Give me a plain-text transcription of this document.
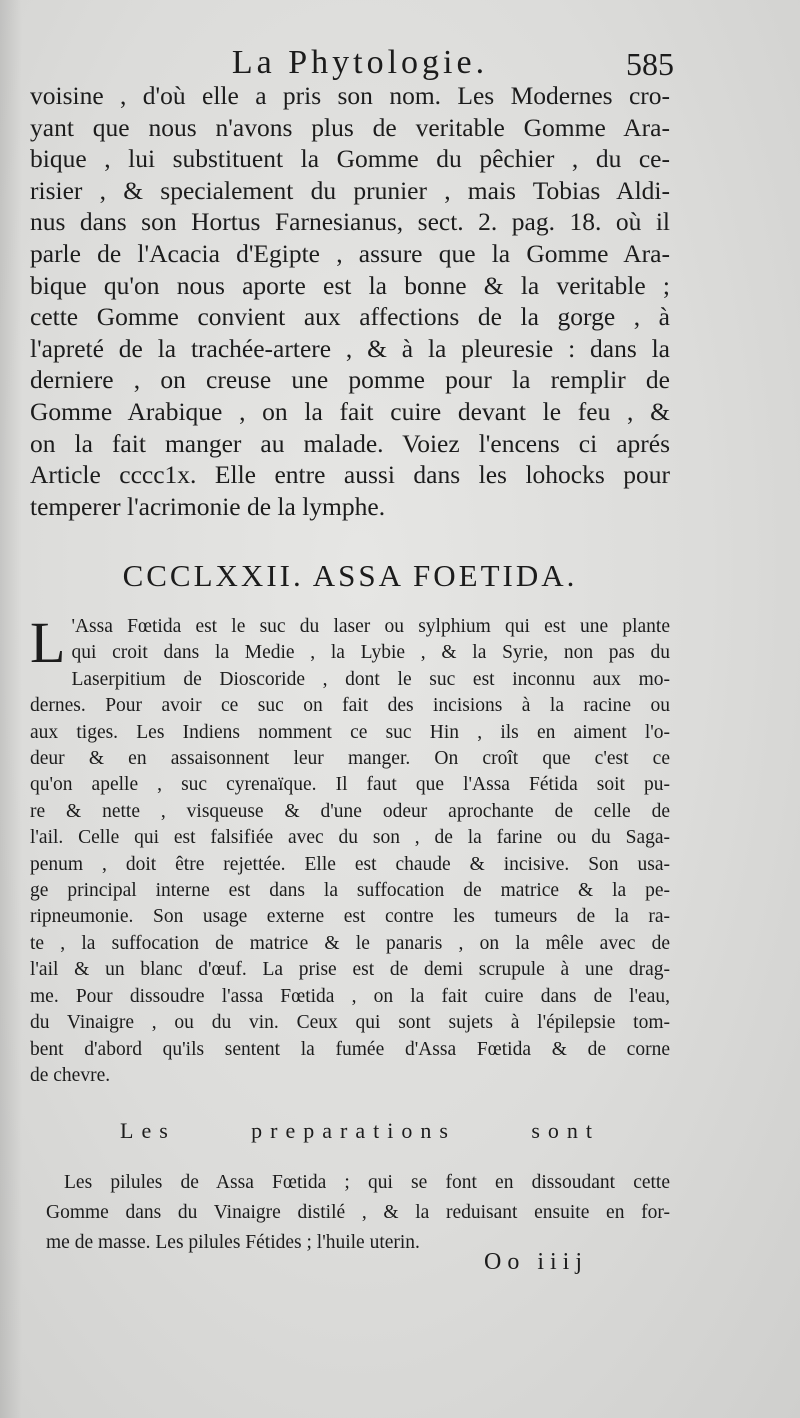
La Phytologie.	585
voisine , d'où elle a pris son nom. Les Modernes cro-
yant que nous n'avons plus de veritable Gomme Ara-
bique , lui substituent la Gomme du pêchier , du ce-
risier , & specialement du prunier , mais Tobias Aldi-
nus dans son Hortus Farnesianus, sect. 2. pag. 18. où il
parle de l'Acacia d'Egipte , assure que la Gomme Ara-
bique qu'on nous aporte est la bonne & la veritable ;
cette Gomme convient aux affections de la gorge , à
l'apreté de la trachée-artere , & à la pleuresie : dans la
derniere , on creuse une pomme pour la remplir de
Gomme Arabique , on la fait cuire devant le feu , &
on la fait manger au malade. Voiez l'encens ci aprés
Article cccc1x. Elle entre aussi dans les lohocks pour
temperer l'acrimonie de la lymphe.
CCCLXXII. ASSA FOETIDA.
L 'Assa Fœtida est le suc du laser ou sylphium qui est une plante
qui croit dans la Medie , la Lybie , & la Syrie, non pas du
Laserpitium de Dioscoride , dont le suc est inconnu aux mo-
dernes. Pour avoir ce suc on fait des incisions à la racine ou
aux tiges. Les Indiens nomment ce suc Hin , ils en aiment l'o-
deur & en assaisonnent leur manger. On croît que c'est ce
qu'on apelle , suc cyrenaïque. Il faut que l'Assa Fétida soit pu-
re & nette , visqueuse & d'une odeur aprochante de celle de
l'ail. Celle qui est falsifiée avec du son , de la farine ou du Saga-
penum , doit être rejettée. Elle est chaude & incisive. Son usa-
ge principal interne est dans la suffocation de matrice & la pe-
ripneumonie. Son usage externe est contre les tumeurs de la ra-
te , la suffocation de matrice & le panaris , on la mêle avec de
l'ail & un blanc d'œuf. La prise est de demi scrupule à une drag-
me. Pour dissoudre l'assa Fœtida , on la fait cuire dans de l'eau,
du Vinaigre , ou du vin. Ceux qui sont sujets à l'épilepsie tom-
bent d'abord qu'ils sentent la fumée d'Assa Fœtida & de corne
de chevre.
Les preparations sont
Les pilules de Assa Fœtida ; qui se font en dissoudant cette
Gomme dans du Vinaigre distilé , & la reduisant ensuite en for-
me de masse. Les pilules Fétides ; l'huile uterin.
Oo iiij
